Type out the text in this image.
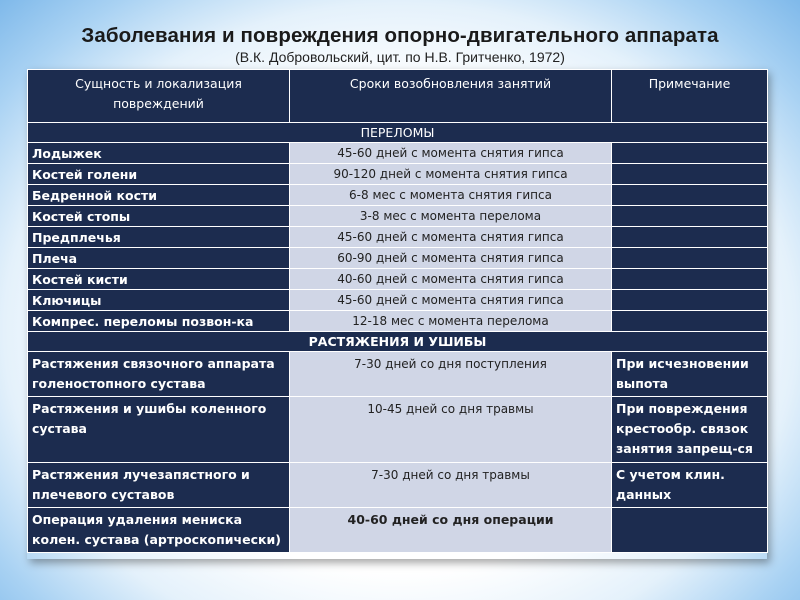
Заболевания и повреждения опорно-двигательного аппарата
(В.К. Добровольский, цит. по Н.В. Гритченко, 1972)
Сущность и локализация повреждений	Сроки возобновления занятий	Примечание
ПЕРЕЛОМЫ		
Лодыжек	45-60 дней с момента снятия гипса	
Костей голени	90-120 дней с момента снятия гипса	
Бедренной кости	6-8 мес с момента снятия гипса	
Костей стопы	3-8 мес с момента перелома	
Предплечья	45-60 дней с момента снятия гипса	
Плеча	60-90 дней с момента снятия гипса	
Костей кисти	40-60 дней с момента снятия гипса	
Ключицы	45-60 дней с момента снятия гипса	
Компрес. переломы позвон-ка	12-18 мес с момента перелома	
РАСТЯЖЕНИЯ И УШИБЫ		
Растяжения связочного аппарата голеностопного сустава	7-30 дней со дня поступления	При исчезновении выпота
Растяжения и ушибы коленного сустава	10-45 дней со дня травмы	При повреждения крестообр. связок занятия запрещ-ся
Растяжения лучезапястного и плечевого суставов	7-30 дней со дня травмы	С учетом клин. данных
Операция удаления мениска колен. сустава (артроскопически)	40-60 дней со дня операции	
